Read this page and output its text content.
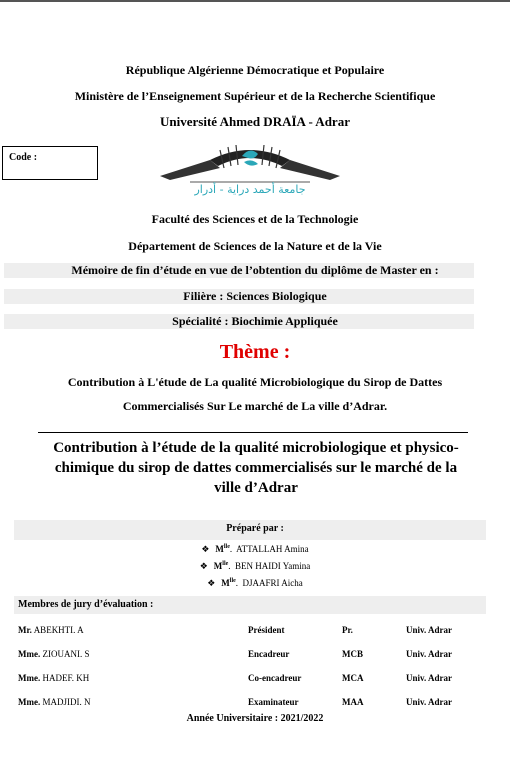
République Algérienne Démocratique et Populaire
Ministère de l’Enseignement Supérieur et de la Recherche Scientifique
Université Ahmed DRAÏA - Adrar
Code :
جامعة أحمد دراية - أدرار
Faculté des Sciences et de la Technologie
Département de Sciences de la Nature et de la Vie
Mémoire de fin d’étude en vue de l’obtention du diplôme de Master en :
Filière : Sciences Biologique
Spécialité : Biochimie Appliquée
Thème :
Contribution à L'étude de La qualité Microbiologique du Sirop de Dattes
Commercialisés Sur Le marché de La ville d’Adrar.
Contribution à l’étude de la qualité microbiologique et physico-
chimique du sirop de dattes commercialisés sur le marché de la
ville d’Adrar
Préparé par :
❖ $M^{lle}$.  ATTALLAH Amina
❖ $M^{lle}$.  BEN HAIDI Yamina
❖ $M^{lle}$.  DJAAFRI Aicha
Membres de jury d’évaluation :
Mr. ABEKHTI. A	Président	Pr.	Univ. Adrar
Mme. ZIOUANI. S	Encadreur	MCB	Univ. Adrar
Mme. HADEF. KH	Co-encadreur	MCA	Univ. Adrar
Mme. MADJIDI. N	Examinateur	MAA	Univ. Adrar
Année Universitaire : 2021/2022
